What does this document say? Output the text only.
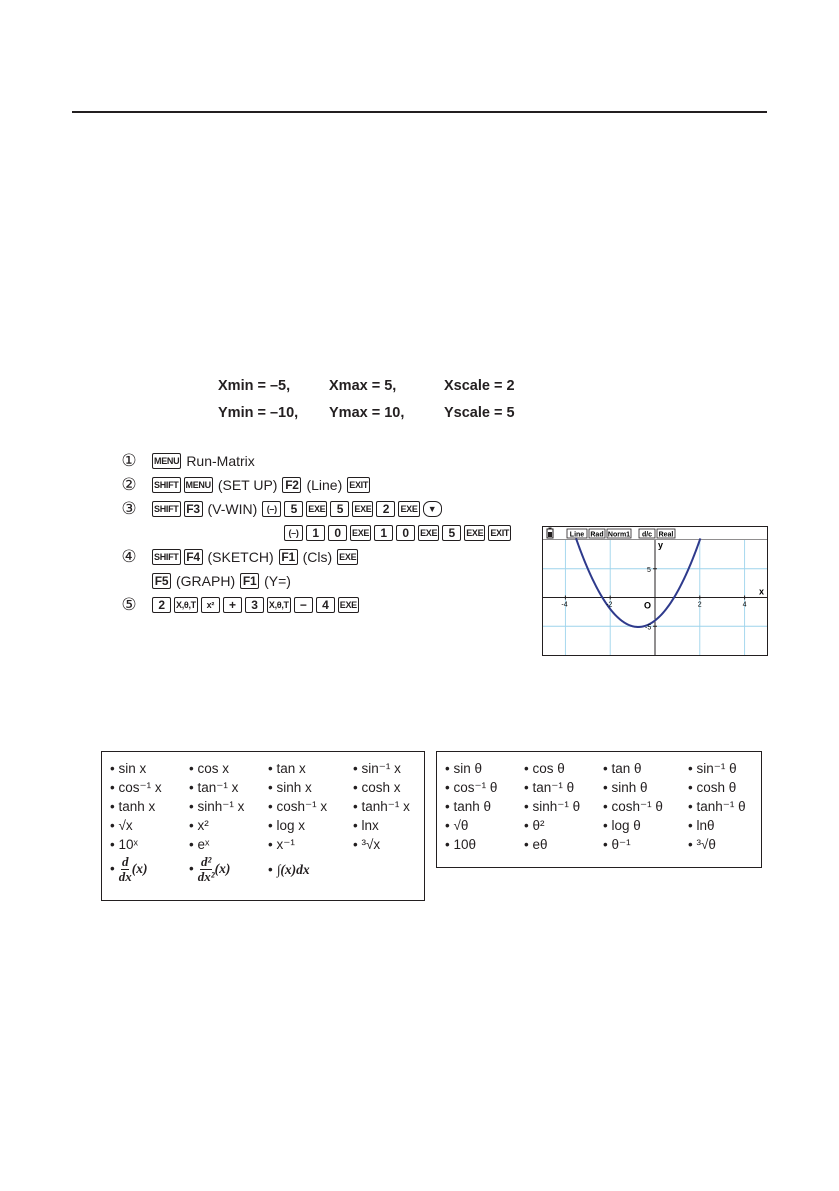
Xmin = –5,	Xmax = 5,	Xscale = 2
Ymin = –10, Ymax = 10,	Yscale = 5
①	MENU Run-Matrix
②	SHIFT MENU (SET UP) F2 (Line) EXIT
③	SHIFT F3 (V-WIN)	(–)	5	EXE 5	EXE 2	EXE	▼
(–)	1	0	EXE 1	0	EXE 5	EXE EXIT
④	SHIFT F4 (SKETCH) F1 (Cls) EXE
F5 (GRAPH) F1 (Y=)
⑤	2	X,θ,T	x²	+	3	X,θ,T −	4	EXE
Line Rad Norm1 d/c Real
x
y
O
-4	-2	2	4
5
-5
• sin x	• cos x	• tan x	• sin⁻¹ x
• cos⁻¹ x • tan⁻¹ x • sinh x	• cosh x
• tanh x • sinh⁻¹ x • cosh⁻¹ x • tanh⁻¹ x
• √x	• x²	• log x	• lnx
• 10ˣ	• eˣ	• x⁻¹	• ³√x
• $\frac{d}{dx} (x)$	• $\frac{\text{d²}}{\text{dx²}} (x)$	• ∫(x)dx
• sin θ	• cos θ	• tan θ	• sin⁻¹ θ
• cos⁻¹ θ • tan⁻¹ θ • sinh θ	• cosh θ
• tanh θ • sinh⁻¹ θ • cosh⁻¹ θ • tanh⁻¹ θ
• √θ	• θ²	• log θ	• lnθ
• 10θ	• eθ	• θ⁻¹	• ³√θ
